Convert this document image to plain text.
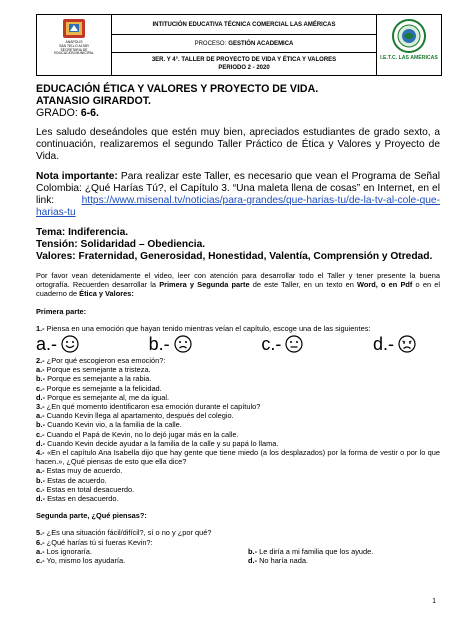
ANAPOLIS
SAN TELLO ALTAR
SECRETARIA DE
EDUCACION MUNICIPAL
INTITUCIÓN EDUCATIVA TÉCNICA COMERCIAL LAS AMÉRICAS
PROCESO: GESTIÓN ACADEMICA
3ER. Y 4°. TALLER DE PROYECTO DE VIDA Y ÉTICA Y VALORES
PERIODO 2 - 2020
I.E.T.C. LAS AMÉRICAS
EDUCACIÓN ÉTICA Y VALORES Y PROYECTO DE VIDA.
ATANASIO GIRARDOT.
GRADO: 6-6.

Les saludo deseándoles que estén muy bien, apreciados estudiantes de grado sexto, a continuación, realizaremos el segundo Taller Práctico de Ética y Valores y Proyecto de Vida.

Nota importante: Para realizar este Taller, es necesario que vean el Programa de Señal Colombia: ¿Qué Harías Tú?, el Capítulo 3. “Una maleta llena de cosas” en Internet, en el link: https://www.misenal.tv/noticias/para-grandes/que-harias-tu/de-la-tv-al-cole-que-harias-tu

Tema: Indiferencia.
Tensión: Solidaridad – Obediencia.
Valores: Fraternidad, Generosidad, Honestidad, Valentía, Comprensión y Otredad.

Por favor vean detenidamente el video, leer con atención para desarrollar todo el Taller y tener presente la buena ortografía. Recuerden desarrollar la Primera y Segunda parte de este Taller, en un texto en Word, o en Pdf o en el cuaderno de Ética y Valores:

Primera parte:

1.- Piensa en una emoción que hayan tenido mientras veían el capítulo, escoge una de las siguientes:

a.-	b.-	c.-	d.-

2.- ¿Por qué escogieron esa emoción?:

a.- Porque es semejante a tristeza.

b.- Porque es semejante a la rabia.

c.- Porque es semejante a la felicidad.

d.- Porque es semejante al, me da igual.

3.- ¿En qué momento identificaron esa emoción durante el capítulo?

a.- Cuando Kevin llega al apartamento, después del colegio.

b.- Cuando Kevin vio, a la familia de la calle.

c.- Cuando el Papá de Kevin, no lo dejó jugar más en la calle.

d.- Cuando Kevin decide ayudar a la familia de la calle y su papá lo llama.

4.- «En el capítulo Ana Isabella dijo que hay gente que tiene miedo (a los desplazados) por la forma de vestir o por lo que hacen.», ¿Qué piensas de esto que ella dice?

a.- Estas muy de acuerdo.

b.- Estas de acuerdo.

c.- Estas en total desacuerdo.

d.- Estas en desacuerdo.

Segunda parte, ¿Qué piensas?:

5.- ¿Es una situación fácil/difícil?, sí o no y ¿por qué?

6.- ¿Qué harías tú si fueras Kevin?:

a.- Los ignoraría.	b.- Le diría a mi familia que los ayude.

c.- Yo, mismo los ayudaría.	d.- No haría nada.

1
